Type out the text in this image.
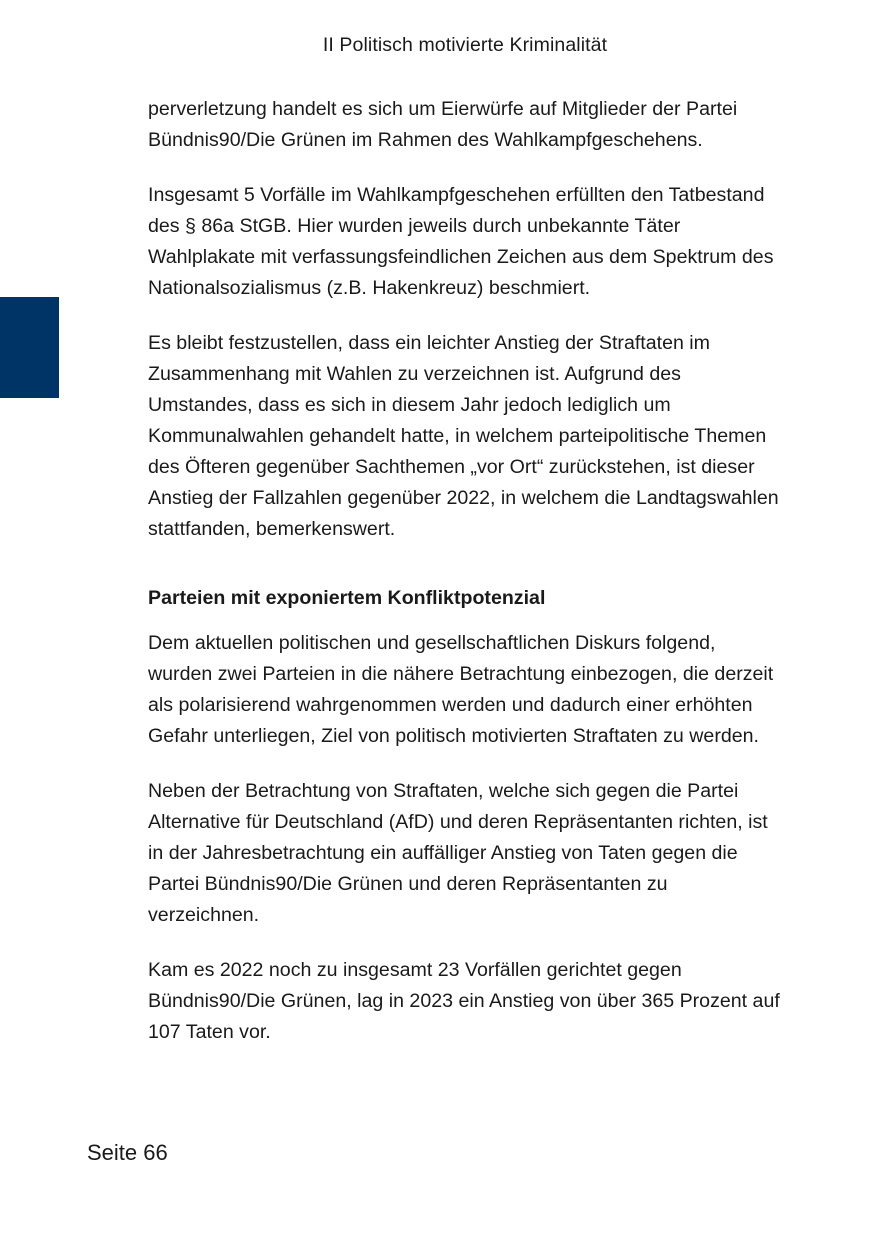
II Politisch motivierte Kriminalität

perverletzung handelt es sich um Eierwürfe auf Mitglieder der Partei Bündnis90/Die Grünen im Rahmen des Wahlkampfgeschehens.

Insgesamt 5 Vorfälle im Wahlkampfgeschehen erfüllten den Tatbestand des § 86a StGB. Hier wurden jeweils durch unbekannte Täter Wahlplakate mit verfassungsfeindlichen Zeichen aus dem Spektrum des Nationalsozialismus (z.B. Hakenkreuz) beschmiert.

Es bleibt festzustellen, dass ein leichter Anstieg der Straftaten im Zusammenhang mit Wahlen zu verzeichnen ist. Aufgrund des Umstandes, dass es sich in diesem Jahr jedoch lediglich um Kommunalwahlen gehandelt hatte, in welchem parteipolitische Themen des Öfteren gegenüber Sachthemen „vor Ort“ zurückstehen, ist dieser Anstieg der Fallzahlen gegenüber 2022, in welchem die Landtagswahlen stattfanden, bemerkenswert.

Parteien mit exponiertem Konfliktpotenzial

Dem aktuellen politischen und gesellschaftlichen Diskurs folgend, wurden zwei Parteien in die nähere Betrachtung einbezogen, die derzeit als polarisierend wahrgenommen werden und dadurch einer erhöhten Gefahr unterliegen, Ziel von politisch motivierten Straftaten zu werden.

Neben der Betrachtung von Straftaten, welche sich gegen die Partei Alternative für Deutschland (AfD) und deren Repräsentanten richten, ist in der Jahresbetrachtung ein auffälliger Anstieg von Taten gegen die Partei Bündnis90/Die Grünen und deren Repräsentanten zu verzeichnen.

Kam es 2022 noch zu insgesamt 23 Vorfällen gerichtet gegen Bündnis90/Die Grünen, lag in 2023 ein Anstieg von über 365 Prozent auf 107 Taten vor.

Seite 66
